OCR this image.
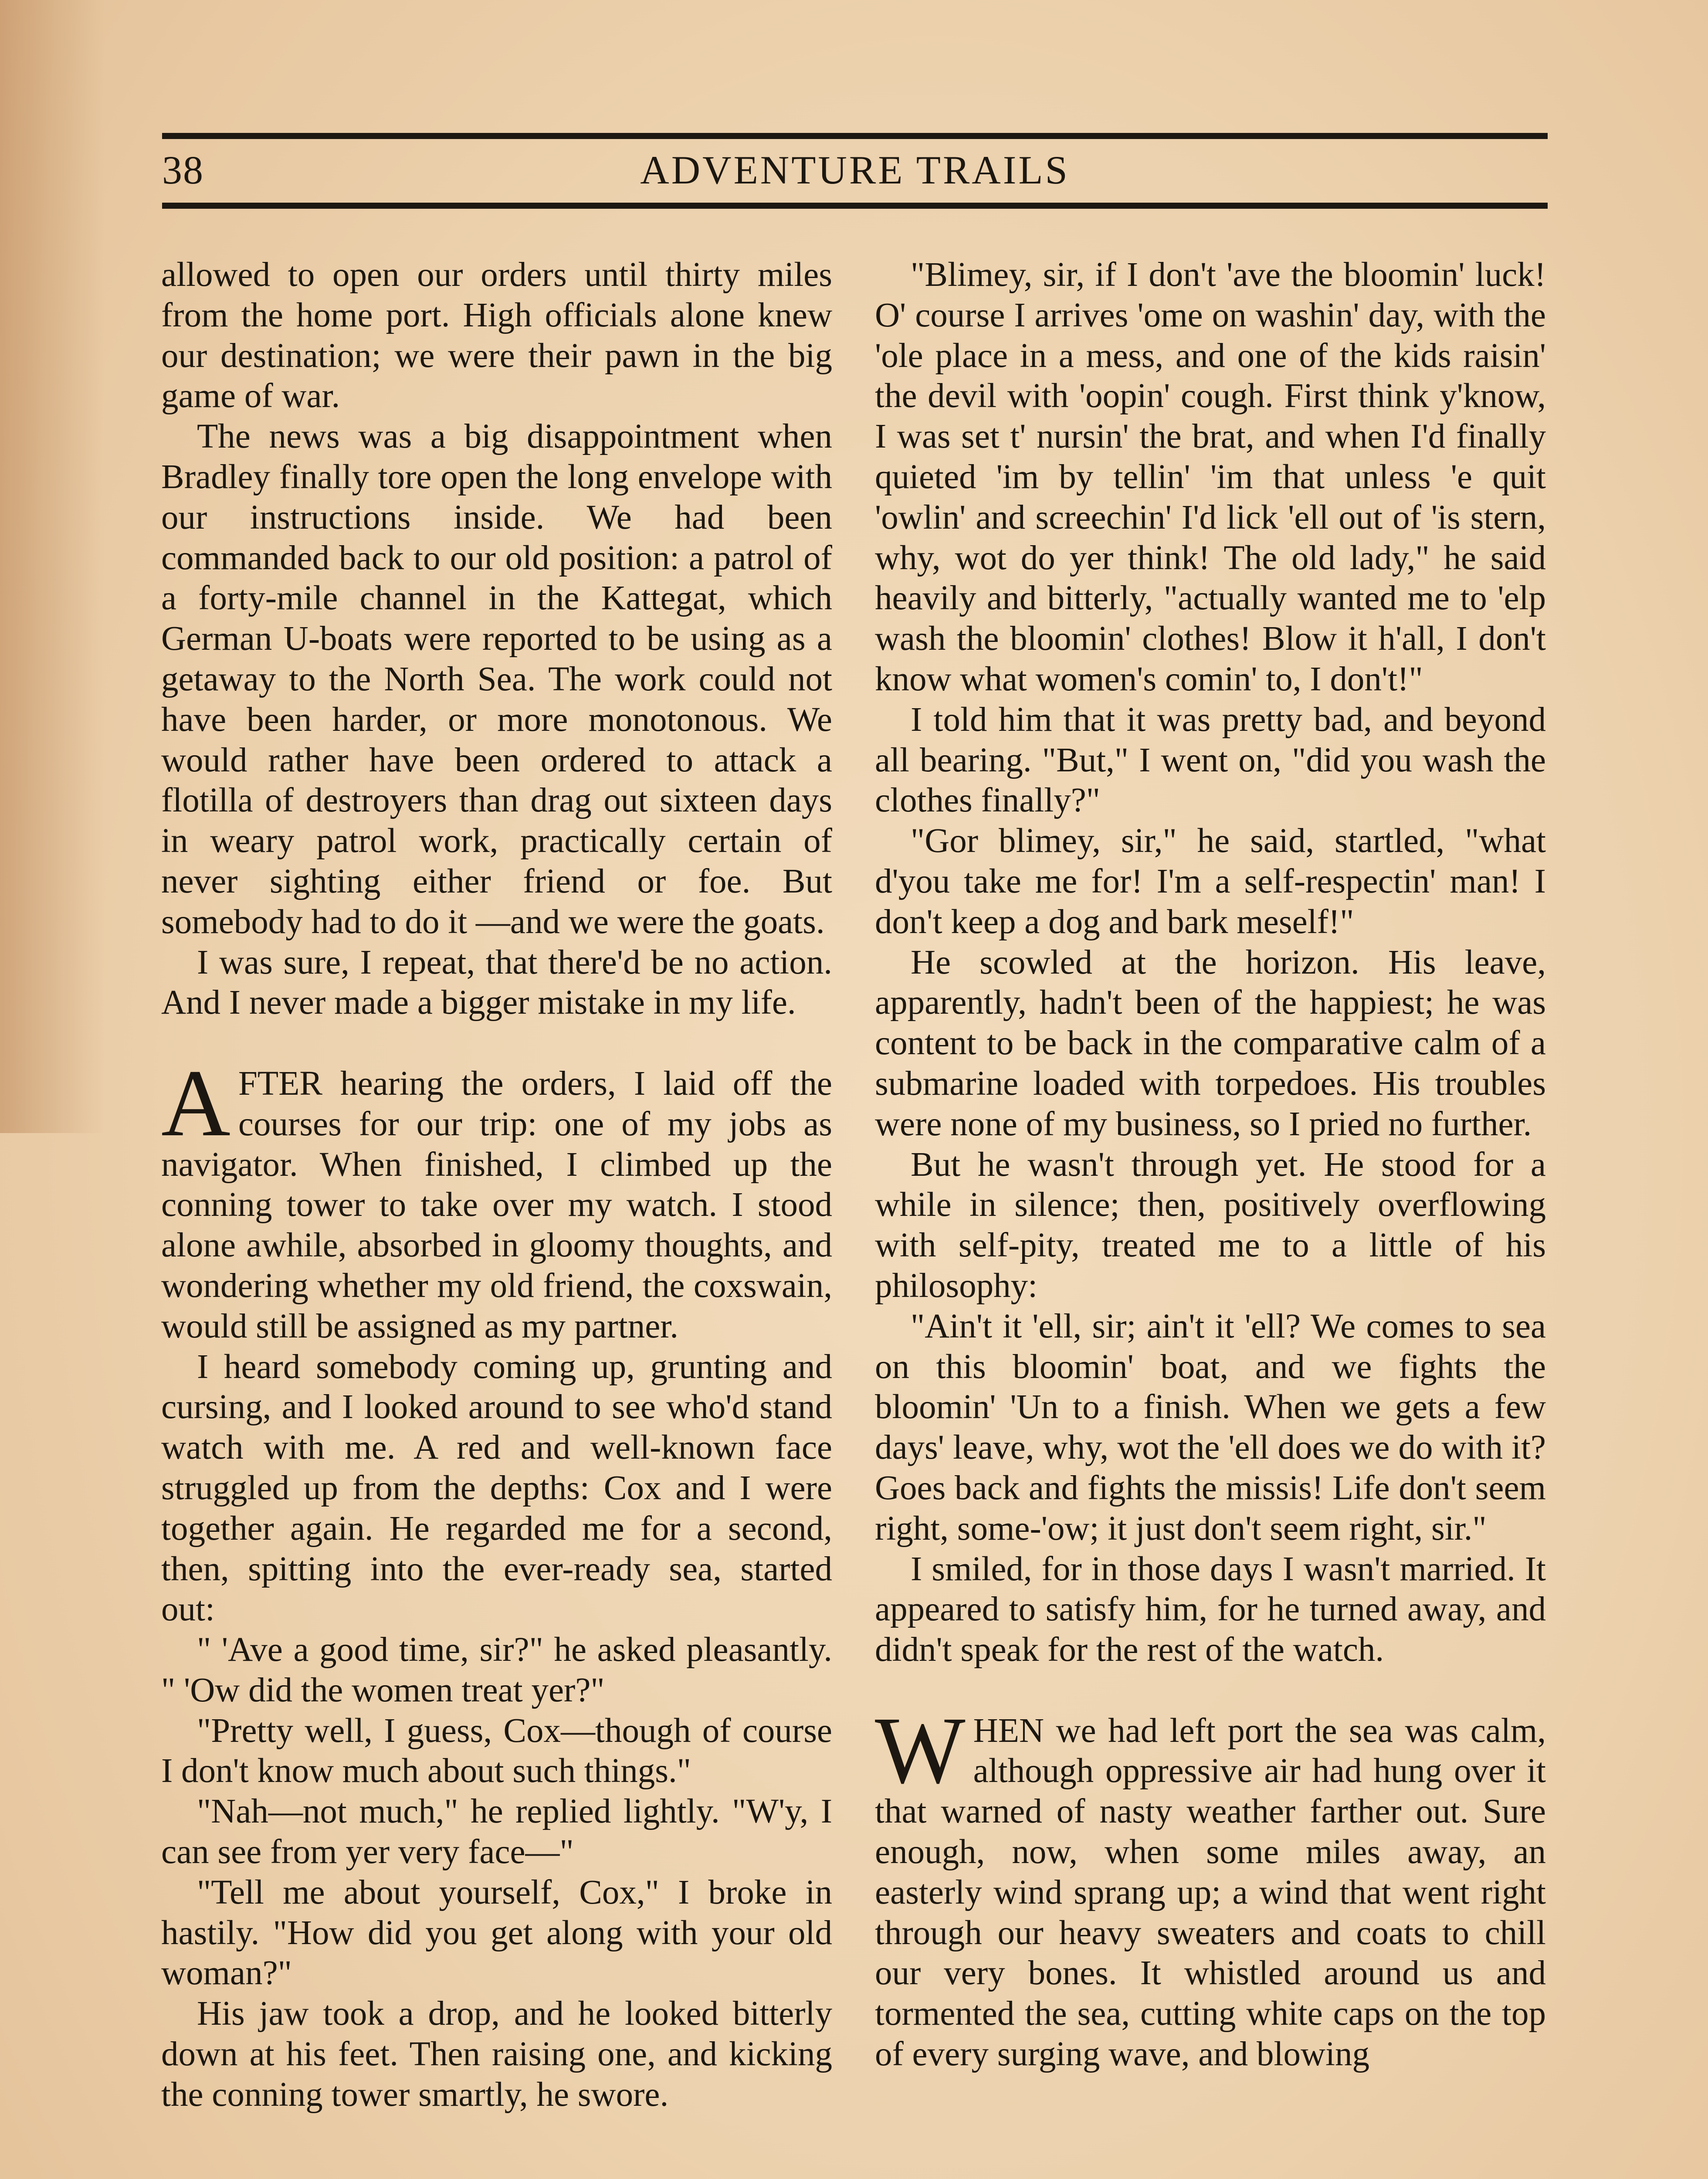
38	ADVENTURE TRAILS

allowed to open our orders until thirty miles from the home port. High officials alone knew our destination; we were their pawn in the big game of war.

The news was a big disappointment when Bradley finally tore open the long envelope with our instructions inside. We had been commanded back to our old position: a patrol of a forty-mile channel in the Kattegat, which German U-boats were reported to be using as a getaway to the North Sea. The work could not have been harder, or more monotonous. We would rather have been ordered to attack a flotilla of destroyers than drag out sixteen days in weary patrol work, practically certain of never sighting either friend or foe. But somebody had to do it —and we were the goats.

I was sure, I repeat, that there'd be no action. And I never made a bigger mistake in my life.

AFTER hearing the orders, I laid off the courses for our trip: one of my jobs as navigator. When finished, I climbed up the conning tower to take over my watch. I stood alone awhile, absorbed in gloomy thoughts, and wondering whether my old friend, the coxswain, would still be assigned as my partner.

I heard somebody coming up, grunting and cursing, and I looked around to see who'd stand watch with me. A red and well-known face struggled up from the depths: Cox and I were together again. He regarded me for a second, then, spitting into the ever-ready sea, started out:

" 'Ave a good time, sir?" he asked pleasantly. " 'Ow did the women treat yer?"

"Pretty well, I guess, Cox—though of course I don't know much about such things."

"Nah—not much," he replied lightly. "W'y, I can see from yer very face—"

"Tell me about yourself, Cox," I broke in hastily. "How did you get along with your old woman?"

His jaw took a drop, and he looked bitterly down at his feet. Then raising one, and kicking the conning tower smartly, he swore.

"Blimey, sir, if I don't 'ave the bloomin' luck! O' course I arrives 'ome on washin' day, with the 'ole place in a mess, and one of the kids raisin' the devil with 'oopin' cough. First think y'know, I was set t' nursin' the brat, and when I'd finally quieted 'im by tellin' 'im that unless 'e quit 'owlin' and screechin' I'd lick 'ell out of 'is stern, why, wot do yer think! The old lady," he said heavily and bitterly, "actually wanted me to 'elp wash the bloomin' clothes! Blow it h'all, I don't know what women's comin' to, I don't!"

I told him that it was pretty bad, and beyond all bearing. "But," I went on, "did you wash the clothes finally?"

"Gor blimey, sir," he said, startled, "what d'you take me for! I'm a self-respectin' man! I don't keep a dog and bark meself!"

He scowled at the horizon. His leave, apparently, hadn't been of the happiest; he was content to be back in the comparative calm of a submarine loaded with torpedoes. His troubles were none of my business, so I pried no further.

But he wasn't through yet. He stood for a while in silence; then, positively overflowing with self-pity, treated me to a little of his philosophy:

"Ain't it 'ell, sir; ain't it 'ell? We comes to sea on this bloomin' boat, and we fights the bloomin' 'Un to a finish. When we gets a few days' leave, why, wot the 'ell does we do with it? Goes back and fights the missis! Life don't seem right, some-'ow; it just don't seem right, sir."

I smiled, for in those days I wasn't married. It appeared to satisfy him, for he turned away, and didn't speak for the rest of the watch.

WHEN we had left port the sea was calm, although oppressive air had hung over it that warned of nasty weather farther out. Sure enough, now, when some miles away, an easterly wind sprang up; a wind that went right through our heavy sweaters and coats to chill our very bones. It whistled around us and tormented the sea, cutting white caps on the top of every surging wave, and blowing
